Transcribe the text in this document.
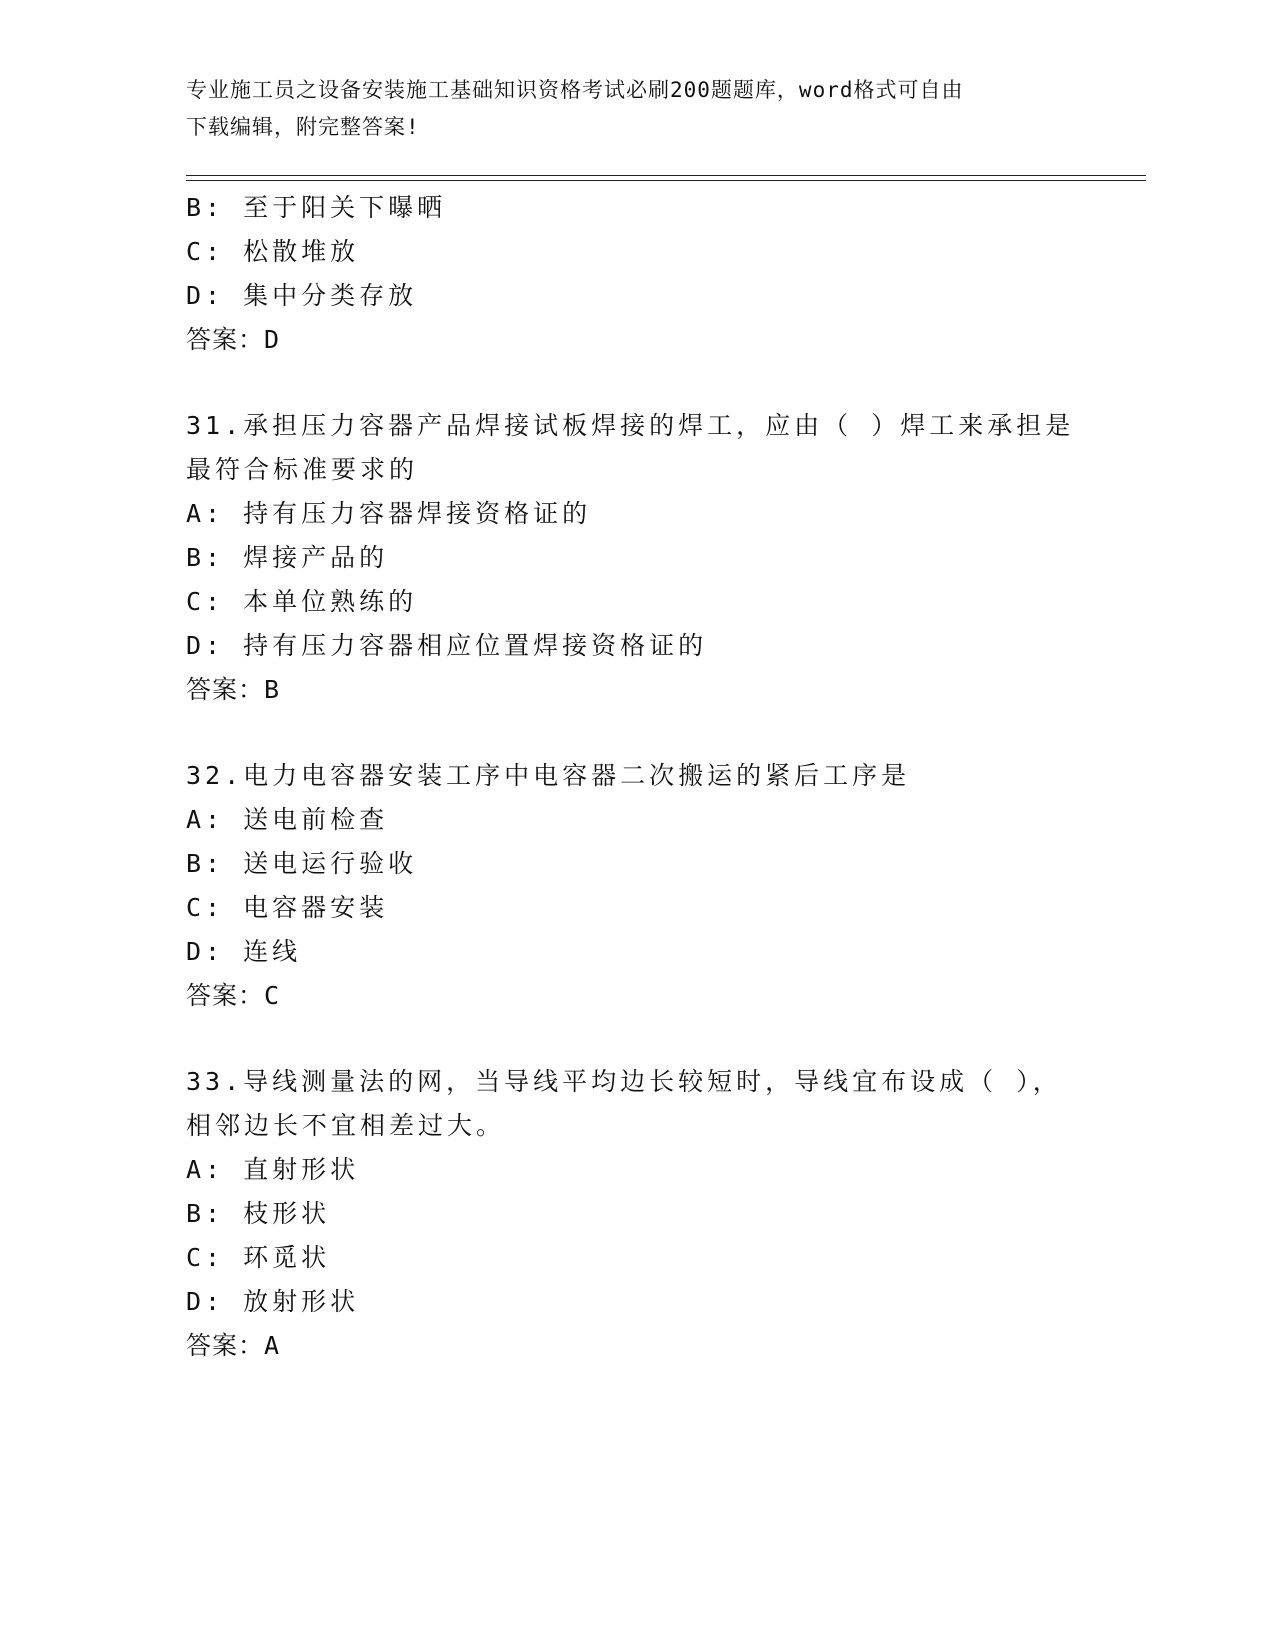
专业施工员之设备安装施工基础知识资格考试必刷200题题库，word格式可自由
下载编辑，附完整答案!
B: 至于阳关下曝晒
C: 松散堆放
D: 集中分类存放
答案：D
31.承担压力容器产品焊接试板焊接的焊工，应由（ ）焊工来承担是
最符合标准要求的
A: 持有压力容器焊接资格证的
B: 焊接产品的
C: 本单位熟练的
D: 持有压力容器相应位置焊接资格证的
答案：B
32.电力电容器安装工序中电容器二次搬运的紧后工序是
A: 送电前检查
B: 送电运行验收
C: 电容器安装
D: 连线
答案：C
33.导线测量法的网，当导线平均边长较短时，导线宜布设成（ ），
相邻边长不宜相差过大。
A: 直射形状
B: 枝形状
C: 环觅状
D: 放射形状
答案：A
